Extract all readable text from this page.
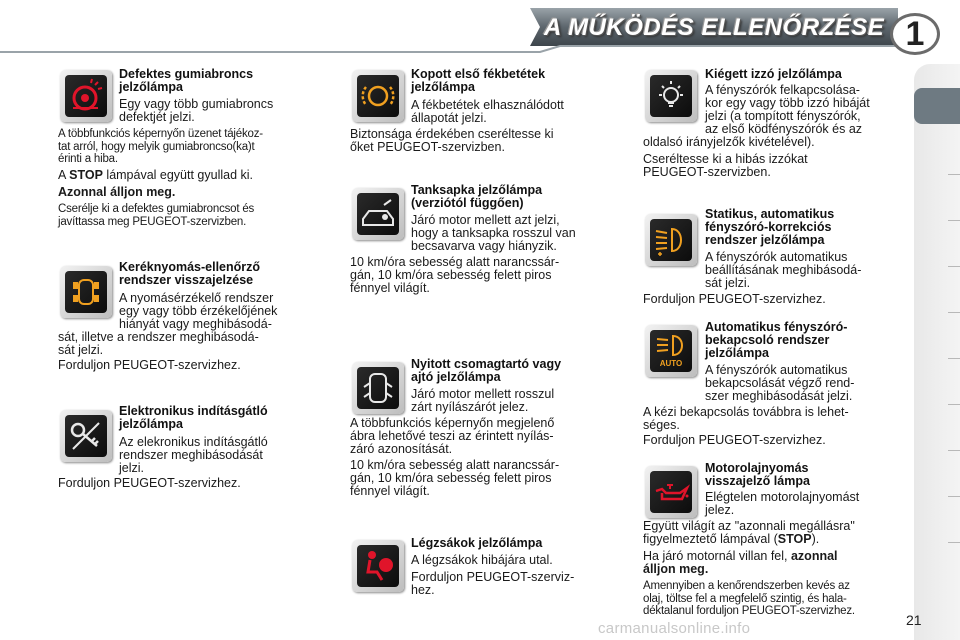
A MŰKÖDÉS ELLENŐRZÉSE 1
Defektes gumiabroncs
jelzőlámpa
Egy vagy több gumiabroncs
defektjét jelzi.
A többfunkciós képernyőn üzenet tájékoz-
tat arról, hogy melyik gumiabroncso(ka)t
érinti a hiba.
A STOP lámpával együtt gyullad ki.
Azonnal álljon meg.
Cserélje ki a defektes gumiabroncsot és
javíttassa meg PEUGEOT-szervizben.
Keréknyomás-ellenőrző
rendszer visszajelzése
A nyomásérzékelő rendszer
egy vagy több érzékelőjének
hiányát vagy meghibásodá-
sát, illetve a rendszer meghibásodá-
sát jelzi.
Forduljon PEUGEOT-szervizhez.
Elektronikus indításgátló
jelzőlámpa
Az elekronikus indításgátló
rendszer meghibásodását
jelzi.
Forduljon PEUGEOT-szervizhez.
Kopott első fékbetétek
jelzőlámpa
A fékbetétek elhasználódott
állapotát jelzi.
Biztonsága érdekében cseréltesse ki
őket PEUGEOT-szervizben.
Tanksapka jelzőlámpa
(verziótól függően)
Járó motor mellett azt jelzi,
hogy a tanksapka rosszul van
becsavarva vagy hiányzik.
10 km/óra sebesség alatt narancssár-
gán, 10 km/óra sebesség felett piros
fénnyel világít.
Nyitott csomagtartó vagy
ajtó jelzőlámpa
Járó motor mellett rosszul
zárt nyílászárót jelez.
A többfunkciós képernyőn megjelenő
ábra lehetővé teszi az érintett nyílás-
záró azonosítását.
10 km/óra sebesség alatt narancssár-
gán, 10 km/óra sebesség felett piros
fénnyel világít.
Légzsákok jelzőlámpa
A légzsákok hibájára utal.
Forduljon PEUGEOT-szerviz-
hez.
Kiégett izzó jelzőlámpa
A fényszórók felkapcsolása-
kor egy vagy több izzó hibáját
jelzi (a tompított fényszórók,
az első ködfényszórók és az
oldalsó irányjelzők kivételével).
Cseréltesse ki a hibás izzókat
PEUGEOT-szervizben.
Statikus, automatikus
fényszóró-korrekciós
rendszer jelzőlámpa
A fényszórók automatikus
beállításának meghibásodá-
sát jelzi.
Forduljon PEUGEOT-szervizhez.
AUTO
Automatikus fényszóró-
bekapcsoló rendszer
jelzőlámpa
A fényszórók automatikus
bekapcsolását végző rend-
szer meghibásodását jelzi.
A kézi bekapcsolás továbbra is lehet-
séges.
Forduljon PEUGEOT-szervizhez.
Motorolajnyomás
visszajelző lámpa
Elégtelen motorolajnyomást
jelez.
Együtt világít az "azonnali megállásra"
figyelmeztető lámpával (STOP).
Ha járó motornál villan fel, azonnal
álljon meg.
Amennyiben a kenőrendszerben kevés az
olaj, töltse fel a megfelelő szintig, és hala-
déktalanul forduljon PEUGEOT-szervizhez.
21
carmanualsonline.info
